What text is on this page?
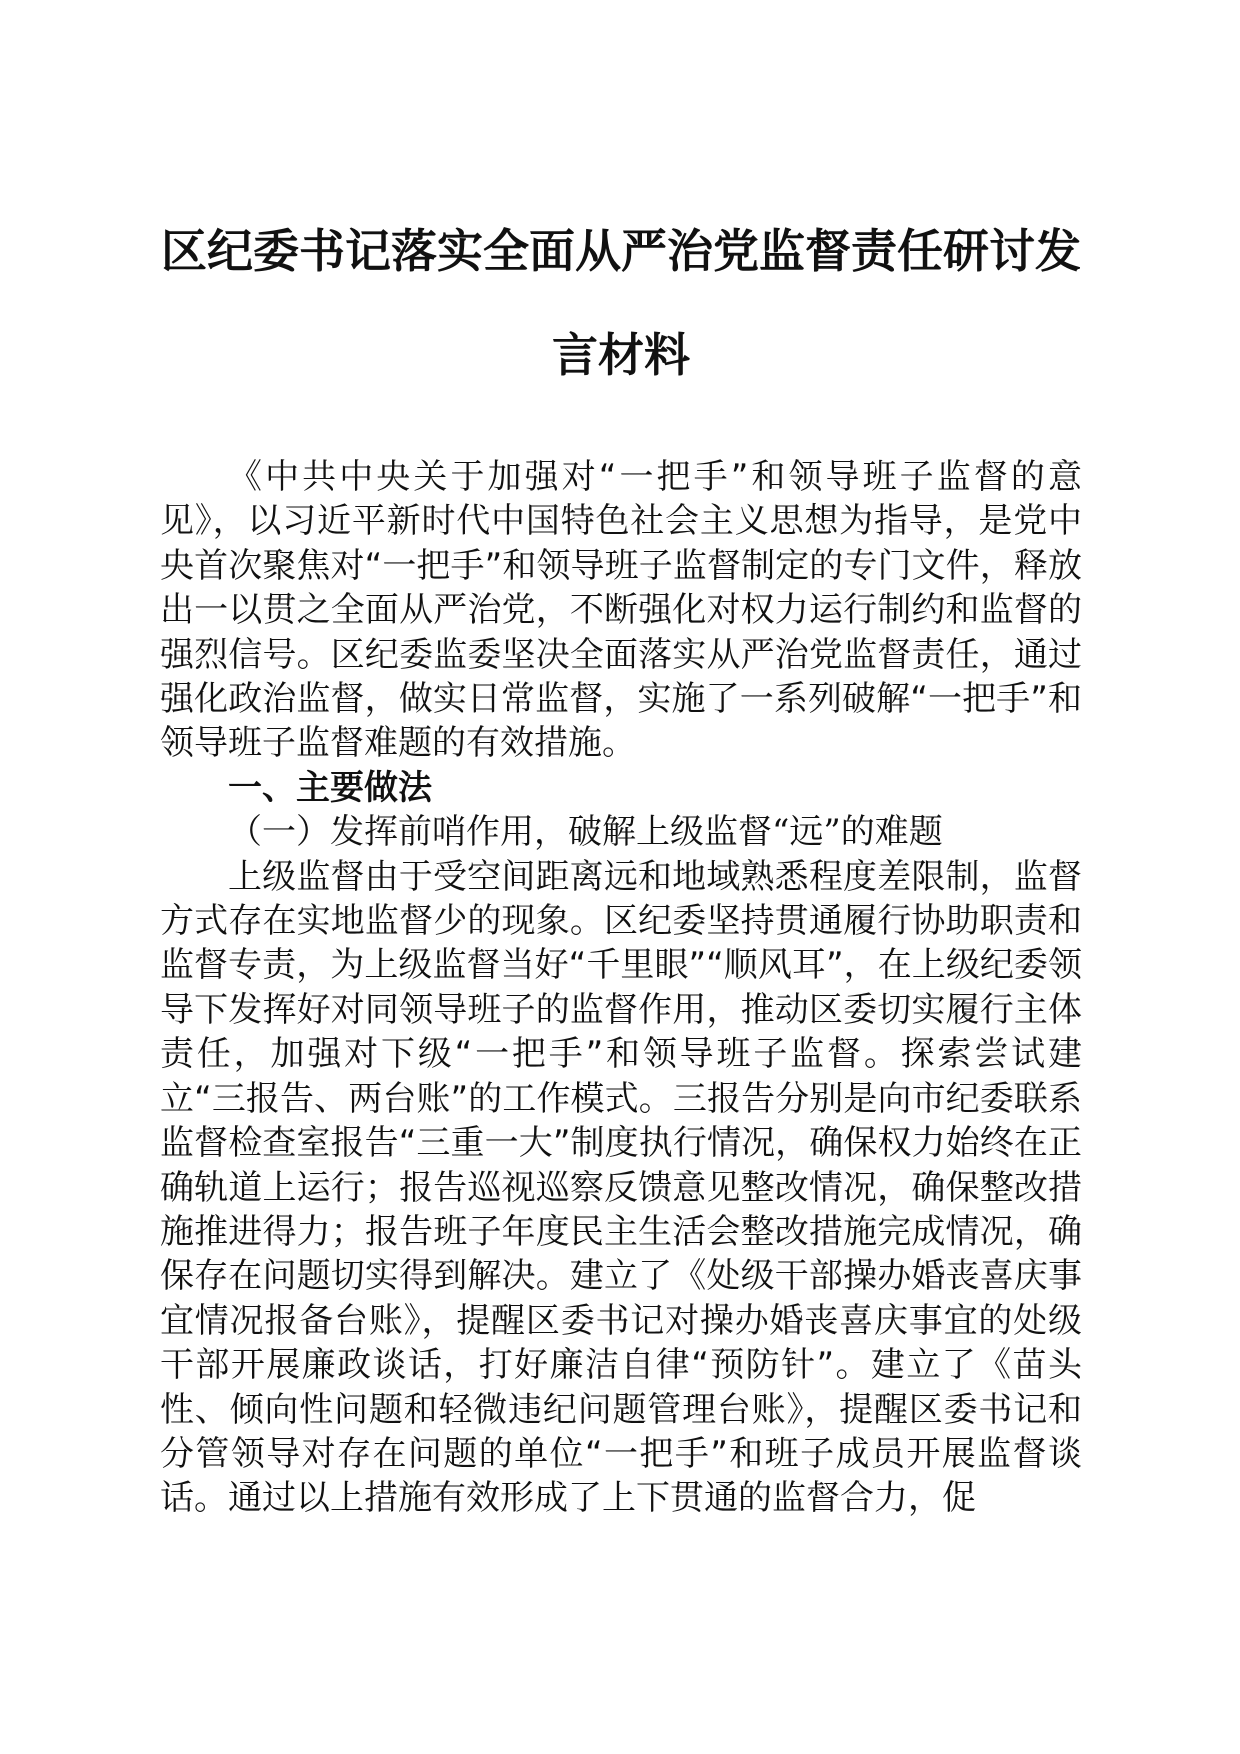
区纪委书记落实全面从严治党监督责任研讨发
言材料

《中共中央关于加强对“一把手”和领导班子监督的意见》，以习近平新时代中国特色社会主义思想为指导，是党中央首次聚焦对“一把手”和领导班子监督制定的专门文件，释放出一以贯之全面从严治党，不断强化对权力运行制约和监督的 强烈信号。区纪委监委坚决全面落实从严治党监督责任，通过强化政治监督，做实日常监督，实施了一系列破解“一把手”和领导班子监督难题的有效措施。

一、主要做法

（一）发挥前哨作用，破解上级监督“远”的难题

上级监督由于受空间距离远和地域熟悉程度差限制，监督方式存在实地监督少的现象。区纪委坚持贯通履行协助职责和监督专责，为上级监督当好“千里眼”“顺风耳”，在上级纪委领导下发挥好对同领导班子的监督作用，推动区委切实履行主体责任，加强对下级“一把手”和领导班子监督。探索尝试建立“三报告、两台账”的工作模式。三报告分别是向市纪委联系监督检查室报告“三重一大”制度执行情况，确保权力始终在正确轨道上运行；报告巡视巡察反馈意见整改情况，确保整改措施推进得力；报告班子年度民主生活会整改措施完成情况，确保存在问题切实得到解决。建立了《处级干部操办婚丧喜庆事宜情况报备台账》，提醒区委书记对操办婚丧喜庆事宜的处级干部开展廉政谈话，打好廉洁自律“预防针”。建立了《苗头性、倾向性问题和轻微违纪问题管理台账》，提醒区委书记和分管领导对存在问题的单位“一把手”和班子成员开展监督谈话。通过以上措施有效形成了上下贯通的监督合力，促
